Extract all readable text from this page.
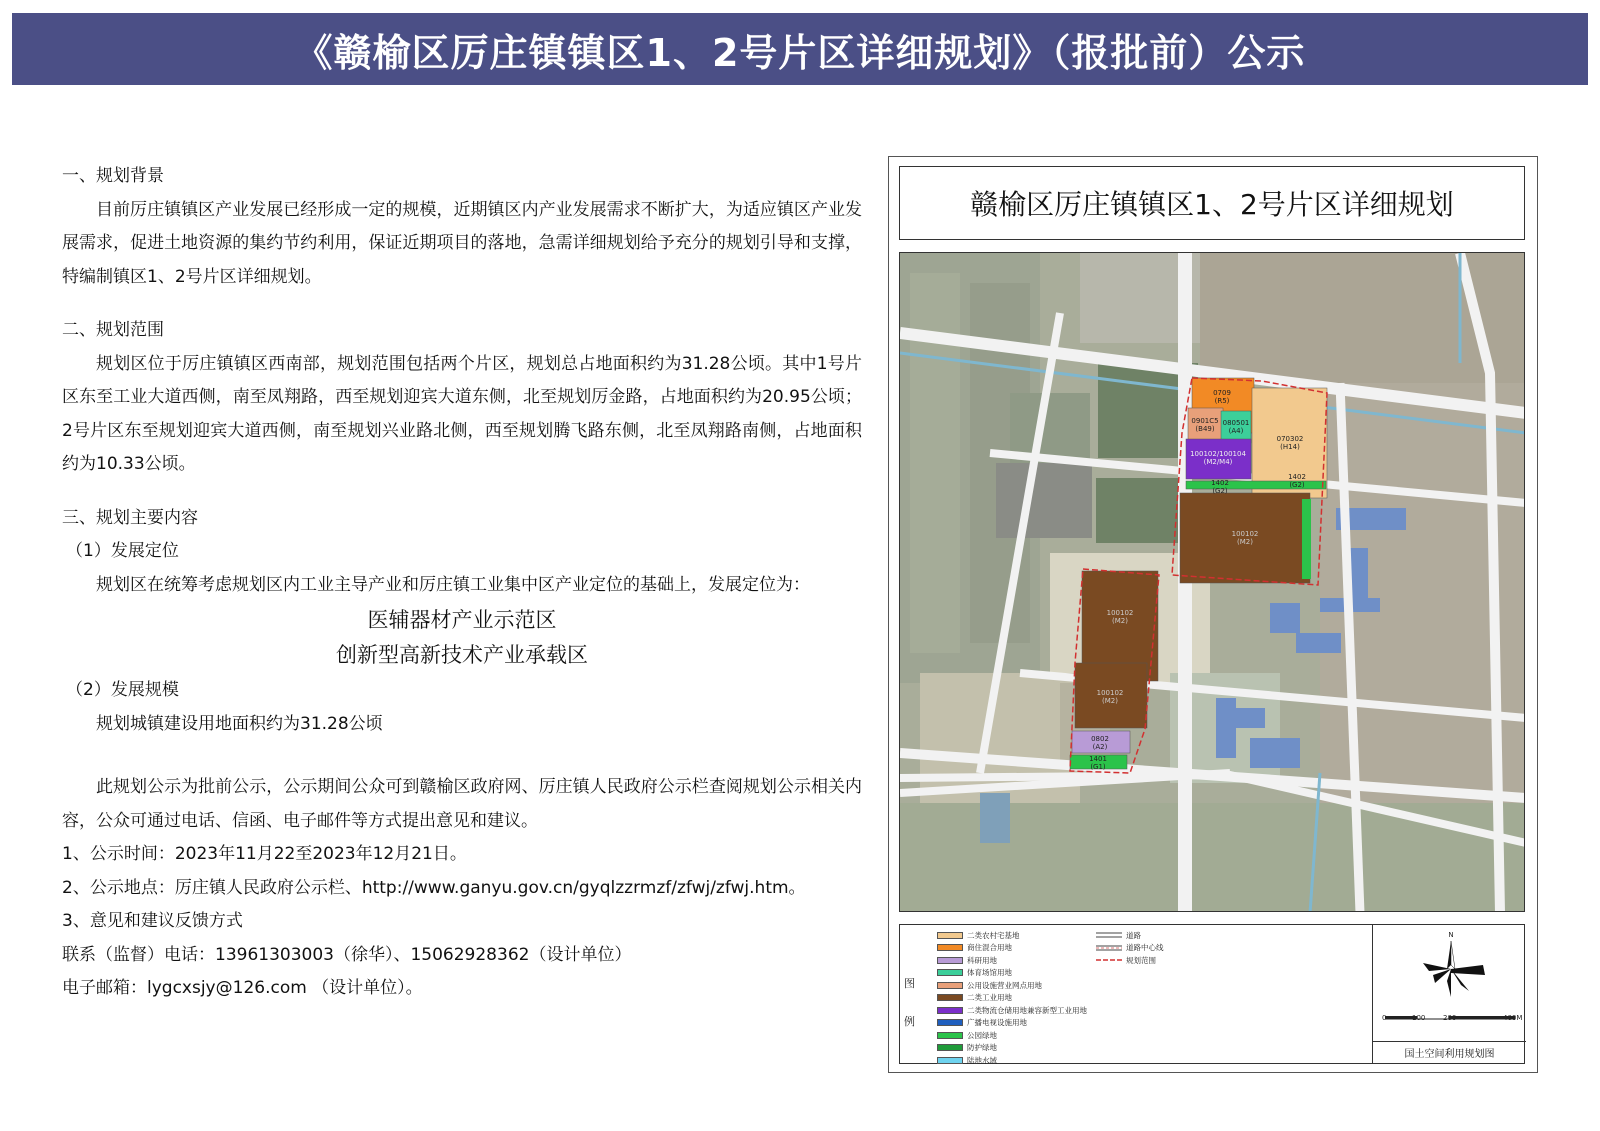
《赣榆区厉庄镇镇区1、2号片区详细规划》（报批前）公示
一、规划背景
目前厉庄镇镇区产业发展已经形成一定的规模，近期镇区内产业发展需求不断扩大，为适应镇区产业发展需求，促进土地资源的集约节约利用，保证近期项目的落地，急需详细规划给予充分的规划引导和支撑，特编制镇区1、2号片区详细规划。
二、规划范围
规划区位于厉庄镇镇区西南部，规划范围包括两个片区，规划总占地面积约为31.28公顷。其中1号片区东至工业大道西侧，南至凤翔路，西至规划迎宾大道东侧，北至规划厉金路，占地面积约为20.95公顷；2号片区东至规划迎宾大道西侧，南至规划兴业路北侧，西至规划腾飞路东侧，北至凤翔路南侧，占地面积约为10.33公顷。
三、规划主要内容
（1）发展定位
规划区在统筹考虑规划区内工业主导产业和厉庄镇工业集中区产业定位的基础上，发展定位为：
医辅器材产业示范区
创新型高新技术产业承载区
（2）发展规模
规划城镇建设用地面积约为31.28公顷
此规划公示为批前公示，公示期间公众可到赣榆区政府网、厉庄镇人民政府公示栏查阅规划公示相关内容，公众可通过电话、信函、电子邮件等方式提出意见和建议。
1、公示时间：2023年11月22至2023年12月21日。
2、公示地点：厉庄镇人民政府公示栏、http://www.ganyu.gov.cn/gyqlzzrmzf/zfwj/zfwj.htm。
3、意见和建议反馈方式
联系（监督）电话：13961303003（徐华）、15062928362（设计单位）
电子邮箱：lygcxsjy@126.com （设计单位）。
赣榆区厉庄镇镇区1、2号片区详细规划
0709
(R5)
0901C5
(B49)
080501
(A4)
070302
(H14)
100102/100104
(M2/M4)
1402
(G2)
1402
(G2)
100102
(M2)
100102
(M2)
100102
(M2)
0802
(A2)
1401
(G1)
图
例
二类农村宅基地
商住混合用地
科研用地
体育场馆用地
公用设施营业网点用地
二类工业用地
二类物流仓储用地兼容新型工业用地
广播电视设施用地
公园绿地
防护绿地
陆地水域
道路
道路中心线
规划范围
N
0	100	200	400M
国土空间利用规划图
